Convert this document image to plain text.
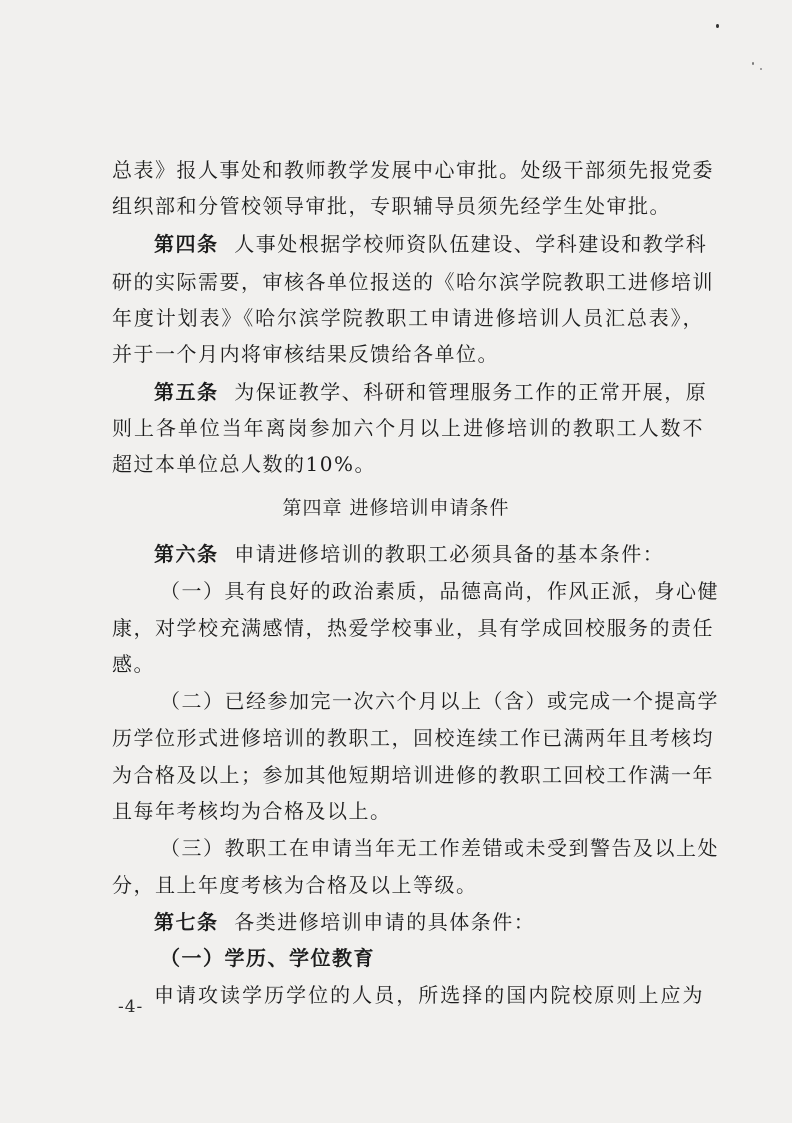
总表》报人事处和教师教学发展中心审批。处级干部须先报党委
组织部和分管校领导审批，专职辅导员须先经学生处审批。
第四条 人事处根据学校师资队伍建设、学科建设和教学科
研的实际需要，审核各单位报送的《哈尔滨学院教职工进修培训
年度计划表》《哈尔滨学院教职工申请进修培训人员汇总表》，
并于一个月内将审核结果反馈给各单位。
第五条 为保证教学、科研和管理服务工作的正常开展，原
则上各单位当年离岗参加六个月以上进修培训的教职工人数不
超过本单位总人数的10%。
第四章 进修培训申请条件
第六条 申请进修培训的教职工必须具备的基本条件：
（一）具有良好的政治素质，品德高尚，作风正派，身心健
康，对学校充满感情，热爱学校事业，具有学成回校服务的责任
感。
（二）已经参加完一次六个月以上（含）或完成一个提高学
历学位形式进修培训的教职工，回校连续工作已满两年且考核均
为合格及以上；参加其他短期培训进修的教职工回校工作满一年
且每年考核均为合格及以上。
（三）教职工在申请当年无工作差错或未受到警告及以上处
分，且上年度考核为合格及以上等级。
第七条 各类进修培训申请的具体条件：
（一）学历、学位教育
申请攻读学历学位的人员，所选择的国内院校原则上应为
-4-
